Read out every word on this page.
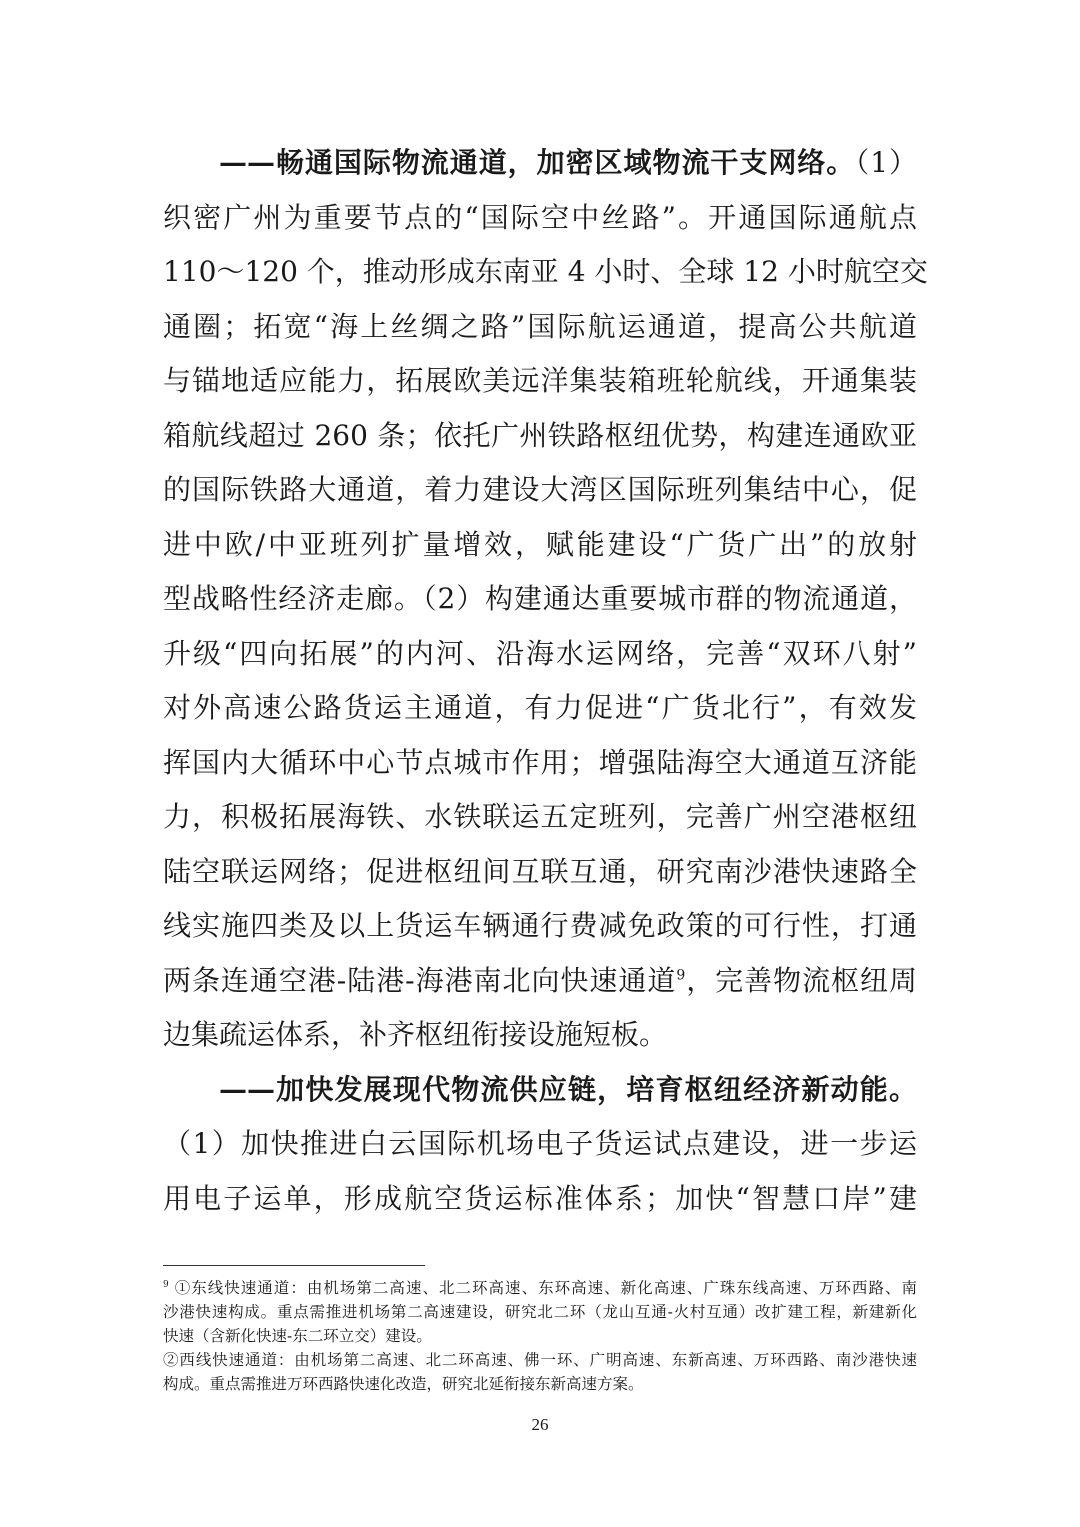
——畅通国际物流通道，加密区域物流干支网络。（1）
织密广州为重要节点的“国际空中丝路”。开通国际通航点
110～120 个，推动形成东南亚 4 小时、全球 12 小时航空交
通圈；拓宽“海上丝绸之路”国际航运通道，提高公共航道
与锚地适应能力，拓展欧美远洋集装箱班轮航线，开通集装
箱航线超过 260 条；依托广州铁路枢纽优势，构建连通欧亚
的国际铁路大通道，着力建设大湾区国际班列集结中心，促
进中欧/中亚班列扩量增效，赋能建设“广货广出”的放射
型战略性经济走廊。（2）构建通达重要城市群的物流通道，
升级“四向拓展”的内河、沿海水运网络，完善“双环八射”
对外高速公路货运主通道，有力促进“广货北行”，有效发
挥国内大循环中心节点城市作用；增强陆海空大通道互济能
力，积极拓展海铁、水铁联运五定班列，完善广州空港枢纽
陆空联运网络；促进枢纽间互联互通，研究南沙港快速路全
线实施四类及以上货运车辆通行费减免政策的可行性，打通
两条连通空港-陆港-海港南北向快速通道$^9$，完善物流枢纽周
边集疏运体系，补齐枢纽衔接设施短板。
——加快发展现代物流供应链，培育枢纽经济新动能。
（1）加快推进白云国际机场电子货运试点建设，进一步运
用电子运单，形成航空货运标准体系；加快“智慧口岸”建
$^9$ ①东线快速通道：由机场第二高速、北二环高速、东环高速、新化高速、广珠东线高速、万环西路、南
沙港快速构成。重点需推进机场第二高速建设，研究北二环（龙山互通-火村互通）改扩建工程，新建新化
快速（含新化快速-东二环立交）建设。
②西线快速通道：由机场第二高速、北二环高速、佛一环、广明高速、东新高速、万环西路、南沙港快速
构成。重点需推进万环西路快速化改造，研究北延衔接东新高速方案。
26
